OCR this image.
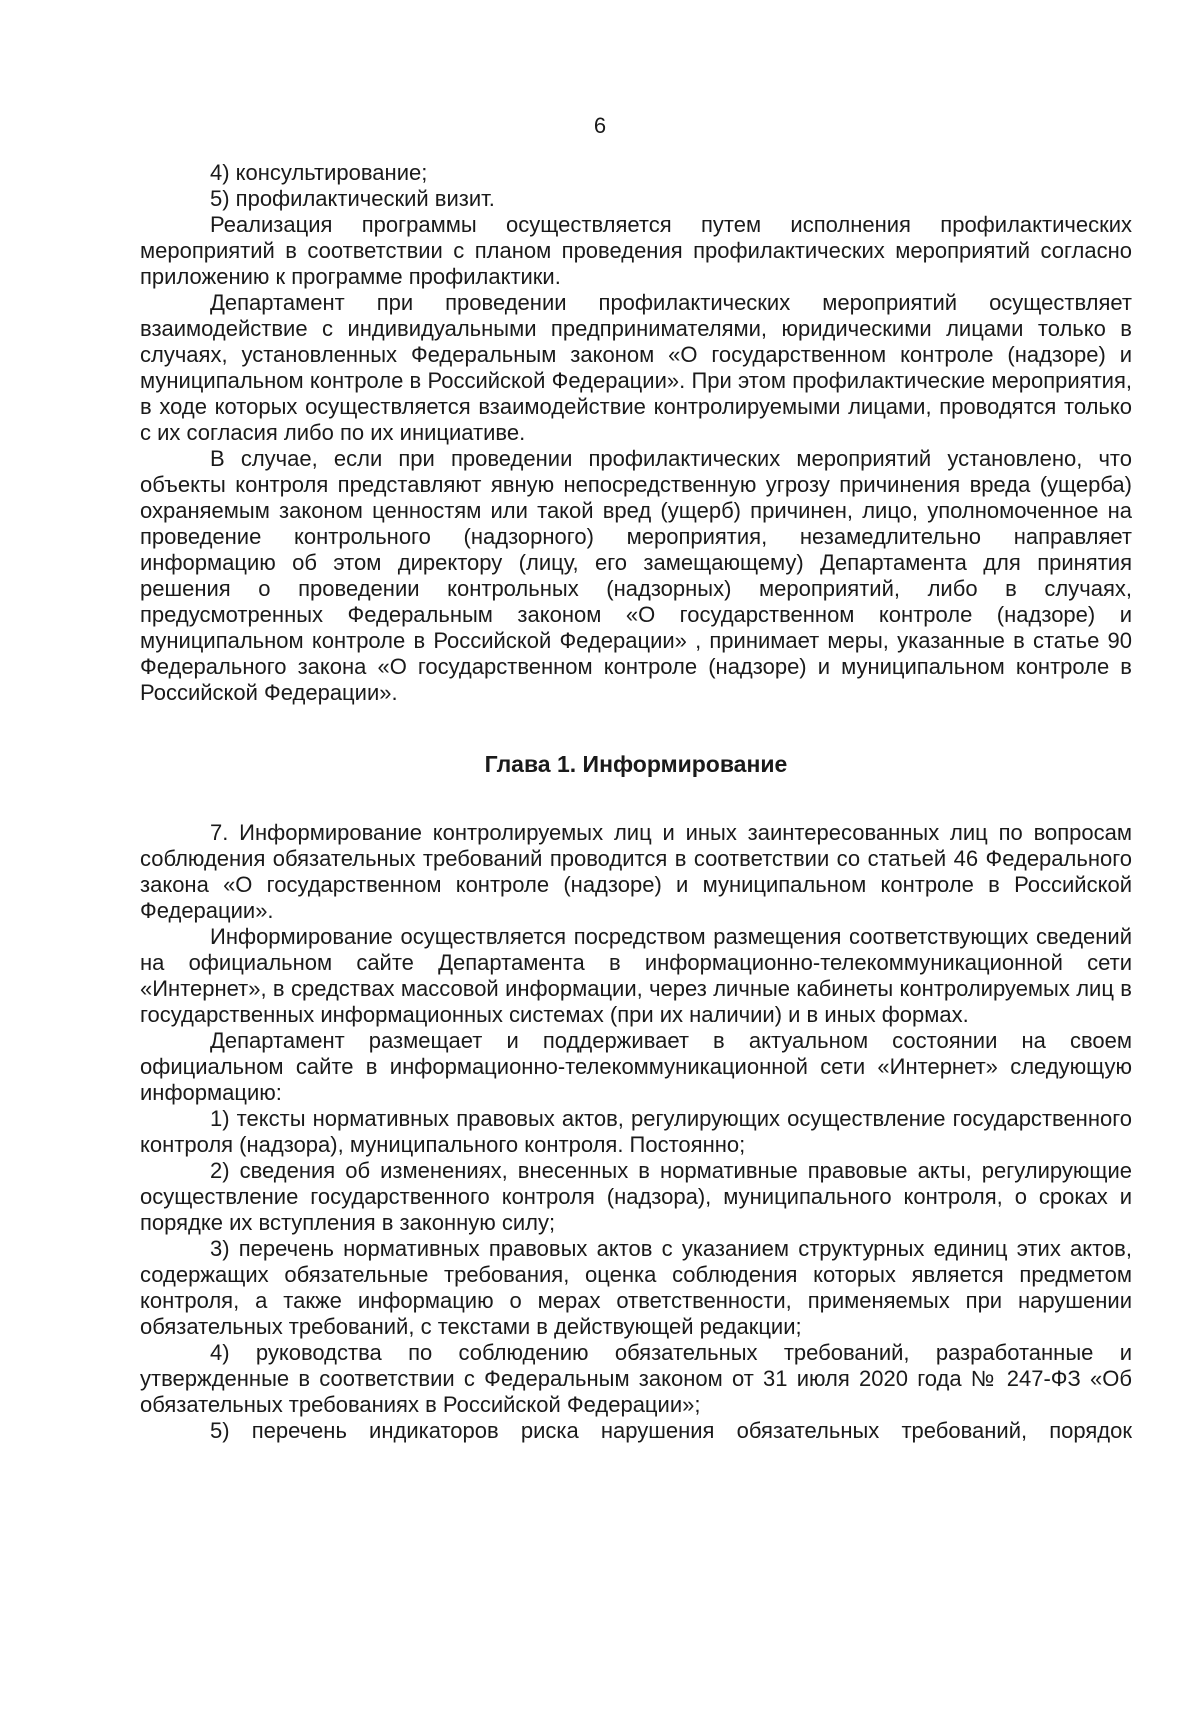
6

4) консультирование;

5) профилактический визит.

Реализация программы осуществляется путем исполнения профилактических мероприятий в соответствии с планом проведения профилактических мероприятий согласно приложению к программе профилактики.

Департамент при проведении профилактических мероприятий осуществляет взаимодействие с индивидуальными предпринимателями, юридическими лицами только в случаях, установленных Федеральным законом «О государственном контроле (надзоре) и муниципальном контроле в Российской Федерации». При этом профилактические мероприятия, в ходе которых осуществляется взаимодействие контролируемыми лицами, проводятся только с их согласия либо по их инициативе.

В случае, если при проведении профилактических мероприятий установлено, что объекты контроля представляют явную непосредственную угрозу причинения вреда (ущерба) охраняемым законом ценностям или такой вред (ущерб) причинен, лицо, уполномоченное на проведение контрольного (надзорного) мероприятия, незамедлительно направляет информацию об этом директору (лицу, его замещающему) Департамента для принятия решения о проведении контрольных (надзорных) мероприятий, либо в случаях, предусмотренных Федеральным законом «О государственном контроле (надзоре) и муниципальном контроле в Российской Федерации» , принимает меры, указанные в статье 90 Федерального закона «О государственном контроле (надзоре) и муниципальном контроле в Российской Федерации».

Глава 1. Информирование

7. Информирование контролируемых лиц и иных заинтересованных лиц по вопросам соблюдения обязательных требований проводится в соответствии со статьей 46 Федерального закона «О государственном контроле (надзоре) и муниципальном контроле в Российской Федерации».

Информирование осуществляется посредством размещения соответствующих сведений на официальном сайте Департамента в информационно-телекоммуникационной сети «Интернет», в средствах массовой информации, через личные кабинеты контролируемых лиц в государственных информационных системах (при их наличии) и в иных формах.

Департамент размещает и поддерживает в актуальном состоянии на своем официальном сайте в информационно-телекоммуникационной сети «Интернет» следующую информацию:

1) тексты нормативных правовых актов, регулирующих осуществление государственного контроля (надзора), муниципального контроля. Постоянно;

2) сведения об изменениях, внесенных в нормативные правовые акты, регулирующие осуществление государственного контроля (надзора), муниципального контроля, о сроках и порядке их вступления в законную силу;

3) перечень нормативных правовых актов с указанием структурных единиц этих актов, содержащих обязательные требования, оценка соблюдения которых является предметом контроля, а также информацию о мерах ответственности, применяемых при нарушении обязательных требований, с текстами в действующей редакции;

4) руководства по соблюдению обязательных требований, разработанные и утвержденные в соответствии с Федеральным законом от 31 июля 2020 года № 247-ФЗ «Об обязательных требованиях в Российской Федерации»;

5) перечень индикаторов риска нарушения обязательных требований, порядок
